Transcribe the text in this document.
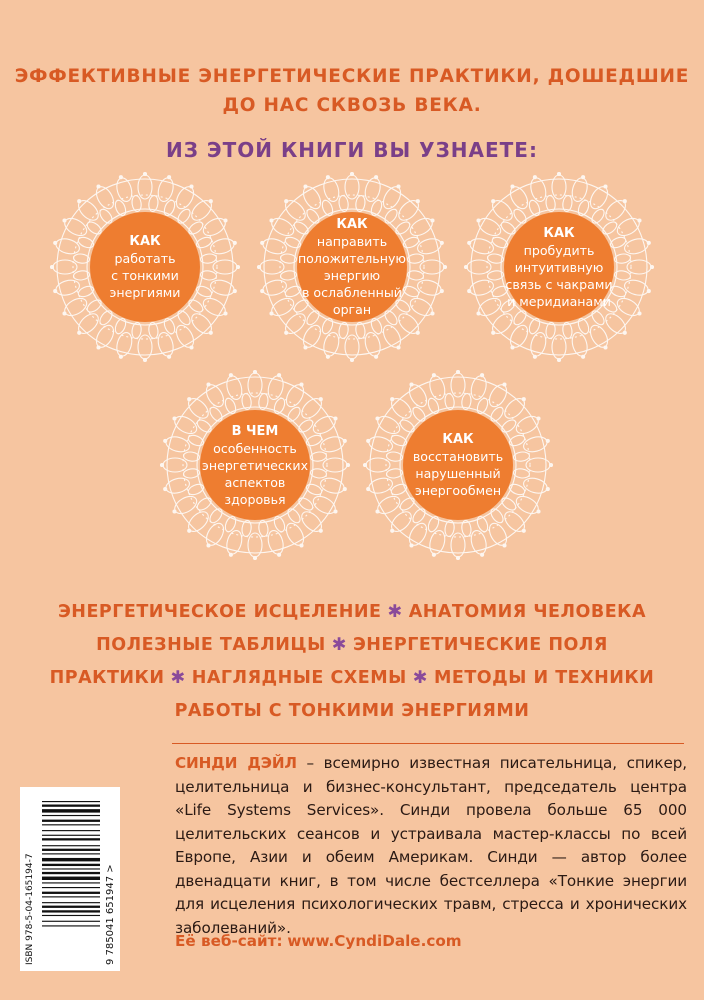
ЭФФЕКТИВНЫЕ ЭНЕРГЕТИЧЕСКИЕ ПРАКТИКИ, ДОШЕДШИЕ
ДО НАС СКВОЗЬ ВЕКА.
ИЗ ЭТОЙ КНИГИ ВЫ УЗНАЕТЕ:
КАК
работать
с тонкими
энергиями
КАК
направить
положительную
энергию
в ослабленный
орган
КАК
пробудить
интуитивную
связь с чакрами
и меридианами
В ЧЕМ
особенность
энергетических
аспектов
здоровья
КАК
восстановить
нарушенный
энергообмен
ЭНЕРГЕТИЧЕСКОЕ ИСЦЕЛЕНИЕ ✱ АНАТОМИЯ ЧЕЛОВЕКА
ПОЛЕЗНЫЕ ТАБЛИЦЫ ✱ ЭНЕРГЕТИЧЕСКИЕ ПОЛЯ
ПРАКТИКИ ✱ НАГЛЯДНЫЕ СХЕМЫ ✱ МЕТОДЫ И ТЕХНИКИ
РАБОТЫ С ТОНКИМИ ЭНЕРГИЯМИ
СИНДИ ДЭЙЛ – всемирно известная писательница, спикер, целительница и бизнес-консультант, председатель центра «Life Systems Services». Синди провела больше 65 000 целительских сеансов и устраивала мастер-классы по всей Европе, Азии и обеим Америкам. Синди — автор более двенадцати книг, в том числе бестселлера «Тонкие энергии для исцеления психологических травм, стресса и хронических заболеваний».
Её веб-сайт: www.CyndiDale.com
ISBN 978-5-04-165194-7	9 785041 651947 >
